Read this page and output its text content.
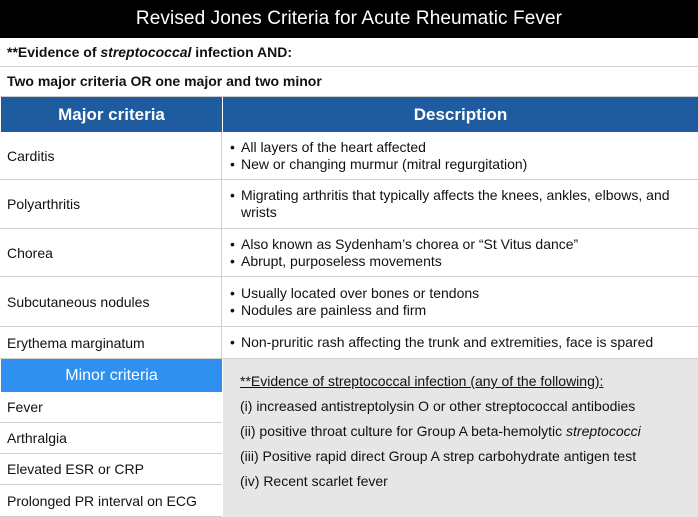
Revised Jones Criteria for Acute Rheumatic Fever
**Evidence of streptococcal infection AND:
Two major criteria OR one major and two minor
Major criteria	Description
Carditis
• All layers of the heart affected
• New or changing murmur (mitral regurgitation)
Polyarthritis
• Migrating arthritis that typically affects the knees, ankles, elbows, and wrists
Chorea
• Also known as Sydenham’s chorea or “St Vitus dance”
• Abrupt, purposeless movements
Subcutaneous nodules
• Usually located over bones or tendons
• Nodules are painless and firm
Erythema marginatum	• Non-pruritic rash affecting the trunk and extremities, face is spared
Minor criteria
Fever
Arthralgia
Elevated ESR or CRP
Prolonged PR interval on ECG
**Evidence of streptococcal infection (any of the following):
(i) increased antistreptolysin O or other streptococcal antibodies
(ii) positive throat culture for Group A beta-hemolytic streptococci
(iii) Positive rapid direct Group A strep carbohydrate antigen test
(iv) Recent scarlet fever
